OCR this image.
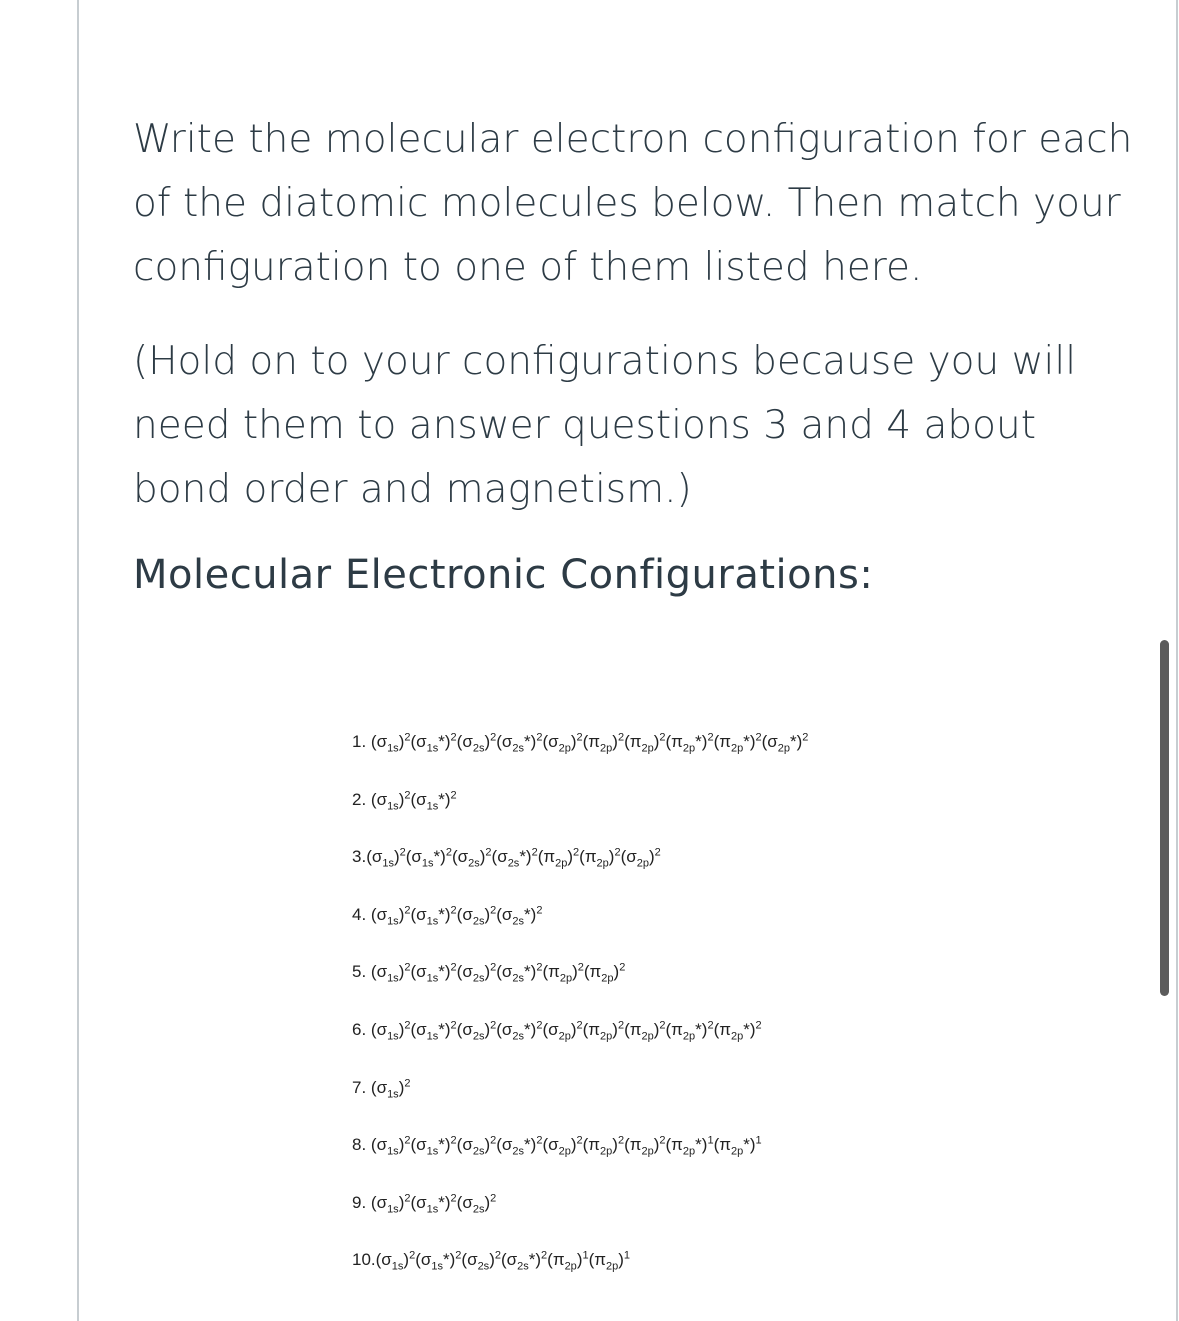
Write the molecular electron configuration for each of the diatomic molecules below. Then match your configuration to one of them listed here.

(Hold on to your configurations because you will need them to answer questions 3 and 4 about bond order and magnetism.)

Molecular Electronic Configurations:
1. $(\sigma_{1s})^2(\sigma_{1s}*)^2(\sigma_{2s})^2(\sigma_{2s}*)^2(\sigma_{2p})^2(\pi_{2p})^2(\pi_{2p})^2(\pi_{2p}*)^2(\pi_{2p}*)^2(\sigma_{2p}*)^2$
2. $(\sigma_{1s})^2(\sigma_{1s}*)^2$
$3.(\sigma_{1s})^2(\sigma_{1s}*)^2(\sigma_{2s})^2(\sigma_{2s}*)^2(\pi_{2p})^2(\pi_{2p})^2(\sigma_{2p})^2$
4. $(\sigma_{1s})^2(\sigma_{1s}*)^2(\sigma_{2s})^2(\sigma_{2s}*)^2$
5. $(\sigma_{1s})^2(\sigma_{1s}*)^2(\sigma_{2s})^2(\sigma_{2s}*)^2(\pi_{2p})^2(\pi_{2p})^2$
6. $(\sigma_{1s})^2(\sigma_{1s}*)^2(\sigma_{2s})^2(\sigma_{2s}*)^2(\sigma_{2p})^2(\pi_{2p})^2(\pi_{2p})^2(\pi_{2p}*)^2(\pi_{2p}*)^2$
7. $(\sigma_{1s})^2$
8. $(\sigma_{1s})^2(\sigma_{1s}*)^2(\sigma_{2s})^2(\sigma_{2s}*)^2(\sigma_{2p})^2(\pi_{2p})^2(\pi_{2p})^2(\pi_{2p}*)^1(\pi_{2p}*)^1$
9. $(\sigma_{1s})^2(\sigma_{1s}*)^2(\sigma_{2s})^2$
$10.(\sigma_{1s})^2(\sigma_{1s}*)^2(\sigma_{2s})^2(\sigma_{2s}*)^2(\pi_{2p})^1(\pi_{2p})^1$
